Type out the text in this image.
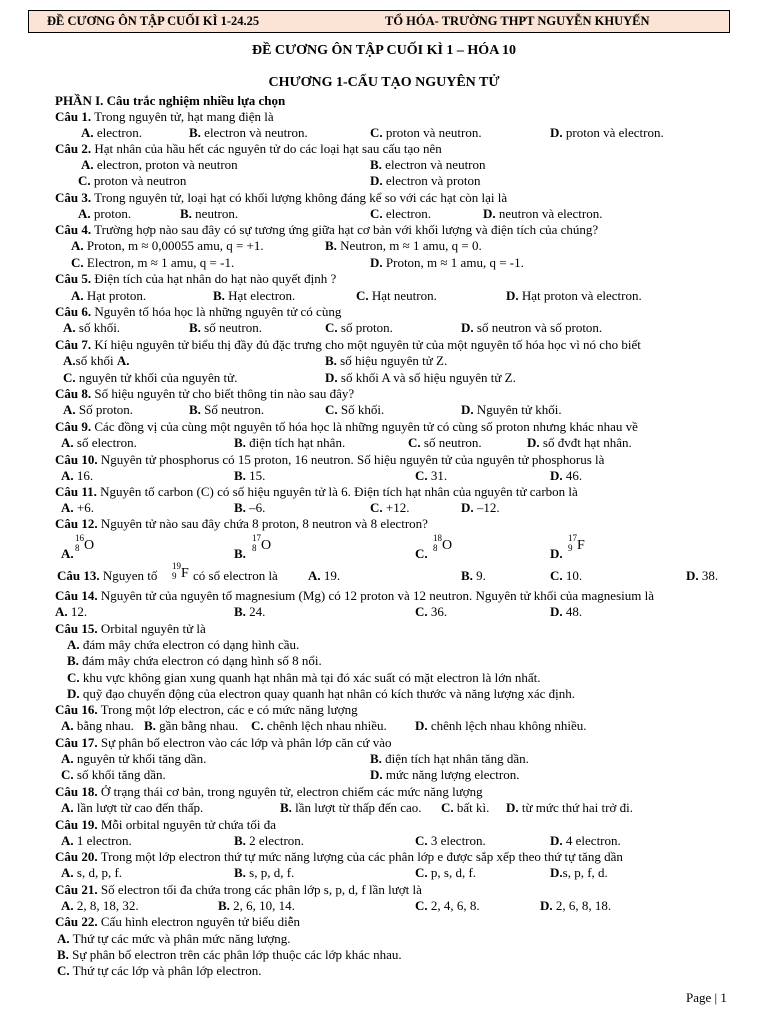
ĐỀ CƯƠNG ÔN TẬP CUỐI KÌ 1-24.25	TỔ HÓA- TRƯỜNG THPT NGUYỄN KHUYẾN
ĐỀ CƯƠNG ÔN TẬP CUỐI KÌ 1 – HÓA 10
CHƯƠNG 1-CẤU TẠO NGUYÊN TỬ
PHẦN I. Câu trắc nghiệm nhiều lựa chọn
Câu 1. Trong nguyên tử, hạt mang điện là
A. electron.	B. electron và neutron.	C. proton và neutron.	D. proton và electron.
Câu 2. Hạt nhân của hầu hết các nguyên tử do các loại hạt sau cấu tạo nên
A. electron, proton và neutron	B. electron và neutron
C. proton và neutron	D. electron và proton
Câu 3. Trong nguyên tử, loại hạt có khối lượng không đáng kể so với các hạt còn lại là
A. proton.	B. neutron.	C. electron.	D. neutron và electron.
Câu 4. Trường hợp nào sau đây có sự tương ứng giữa hạt cơ bản với khối lượng và điện tích của chúng?
A. Proton, m ≈ 0,00055 amu, q = +1.	B. Neutron, m ≈ 1 amu, q = 0.
C. Electron, m ≈ 1 amu, q = -1.	D. Proton, m ≈ 1 amu, q = -1.
Câu 5. Điện tích của hạt nhân do hạt nào quyết định ?
A. Hạt proton.	B. Hạt electron.	C. Hạt neutron.	D. Hạt proton và electron.
Câu 6. Nguyên tố hóa học là những nguyên tử có cùng
A. số khối.	B. số neutron.	C. số proton.	D. số neutron và số proton.
Câu 7. Kí hiệu nguyên tử biểu thị đầy đủ đặc trưng cho một nguyên tử của một nguyên tố hóa học vì nó cho biết
A.số khối A.	B. số hiệu nguyên tử Z.
C. nguyên tử khối của nguyên tử.	D. số khối A và số hiệu nguyên tử Z.
Câu 8. Số hiệu nguyên tử cho biết thông tin nào sau đây?
A. Số proton.	B. Số neutron.	C. Số khối.	D. Nguyên tử khối.
Câu 9. Các đồng vị của cùng một nguyên tố hóa học là những nguyên tử có cùng số proton nhưng khác nhau về
A. số electron.	B. điện tích hạt nhân.	C. số neutron.	D. số đvđt hạt nhân.
Câu 10. Nguyên tử phosphorus có 15 proton, 16 neutron. Số hiệu nguyên tử của nguyên tử phosphorus là
A. 16.	B. 15.	C. 31.	D. 46.
Câu 11. Nguyên tố carbon (C) có số hiệu nguyên tử là 6. Điện tích hạt nhân của nguyên tử carbon là
A. +6.	B. –6.	C. +12.	D. –12.
Câu 12. Nguyên tử nào sau đây chứa 8 proton, 8 neutron và 8 electron?
A.
16
8 O
B.
17
8 O
C.
18
8 O
D.
17
9 F
Câu 13. Nguyen tố
19
9 F có số electron là A. 19.	B. 9.	C. 10.	D. 38.
Câu 14. Nguyên tử của nguyên tố magnesium (Mg) có 12 proton và 12 neutron. Nguyên tử khối của magnesium là
A. 12.	B. 24.	C. 36.	D. 48.
Câu 15. Orbital nguyên tử là
A. đám mây chứa electron có dạng hình cầu.
B. đám mây chứa electron có dạng hình số 8 nổi.
C. khu vực không gian xung quanh hạt nhân mà tại đó xác suất có mặt electron là lớn nhất.
D. quỹ đạo chuyển động của electron quay quanh hạt nhân có kích thước và năng lượng xác định.
Câu 16. Trong một lớp electron, các e có mức năng lượng
A. bằng nhau. B. gần bằng nhau. C. chênh lệch nhau nhiều. D. chênh lệch nhau không nhiều.
Câu 17. Sự phân bố electron vào các lớp và phân lớp căn cứ vào
A. nguyên tử khối tăng dần.	B. điện tích hạt nhân tăng dần.
C. số khối tăng dần.	D. mức năng lượng electron.
Câu 18. Ở trạng thái cơ bản, trong nguyên tử, electron chiếm các mức năng lượng
A. lần lượt từ cao đến thấp.	B. lần lượt từ thấp đến cao. C. bất kì. D. từ mức thứ hai trở đi.
Câu 19. Mỗi orbital nguyên tử chứa tối đa
A. 1 electron.	B. 2 electron.	C. 3 electron.	D. 4 electron.
Câu 20. Trong một lớp electron thứ tự mức năng lượng của các phân lớp e được sắp xếp theo thứ tự tăng dần
A. s, d, p, f.	B. s, p, d, f.	C. p, s, d, f.	D.s, p, f, d.
Câu 21. Số electron tối đa chứa trong các phân lớp s, p, d, f lần lượt là
A. 2, 8, 18, 32.	B. 2, 6, 10, 14.	C. 2, 4, 6, 8.	D. 2, 6, 8, 18.
Câu 22. Cấu hình electron nguyên tử biểu diễn
A. Thứ tự các mức và phân mức năng lượng.
B. Sự phân bố electron trên các phân lớp thuộc các lớp khác nhau.
C. Thứ tự các lớp và phân lớp electron.
Page | 1
